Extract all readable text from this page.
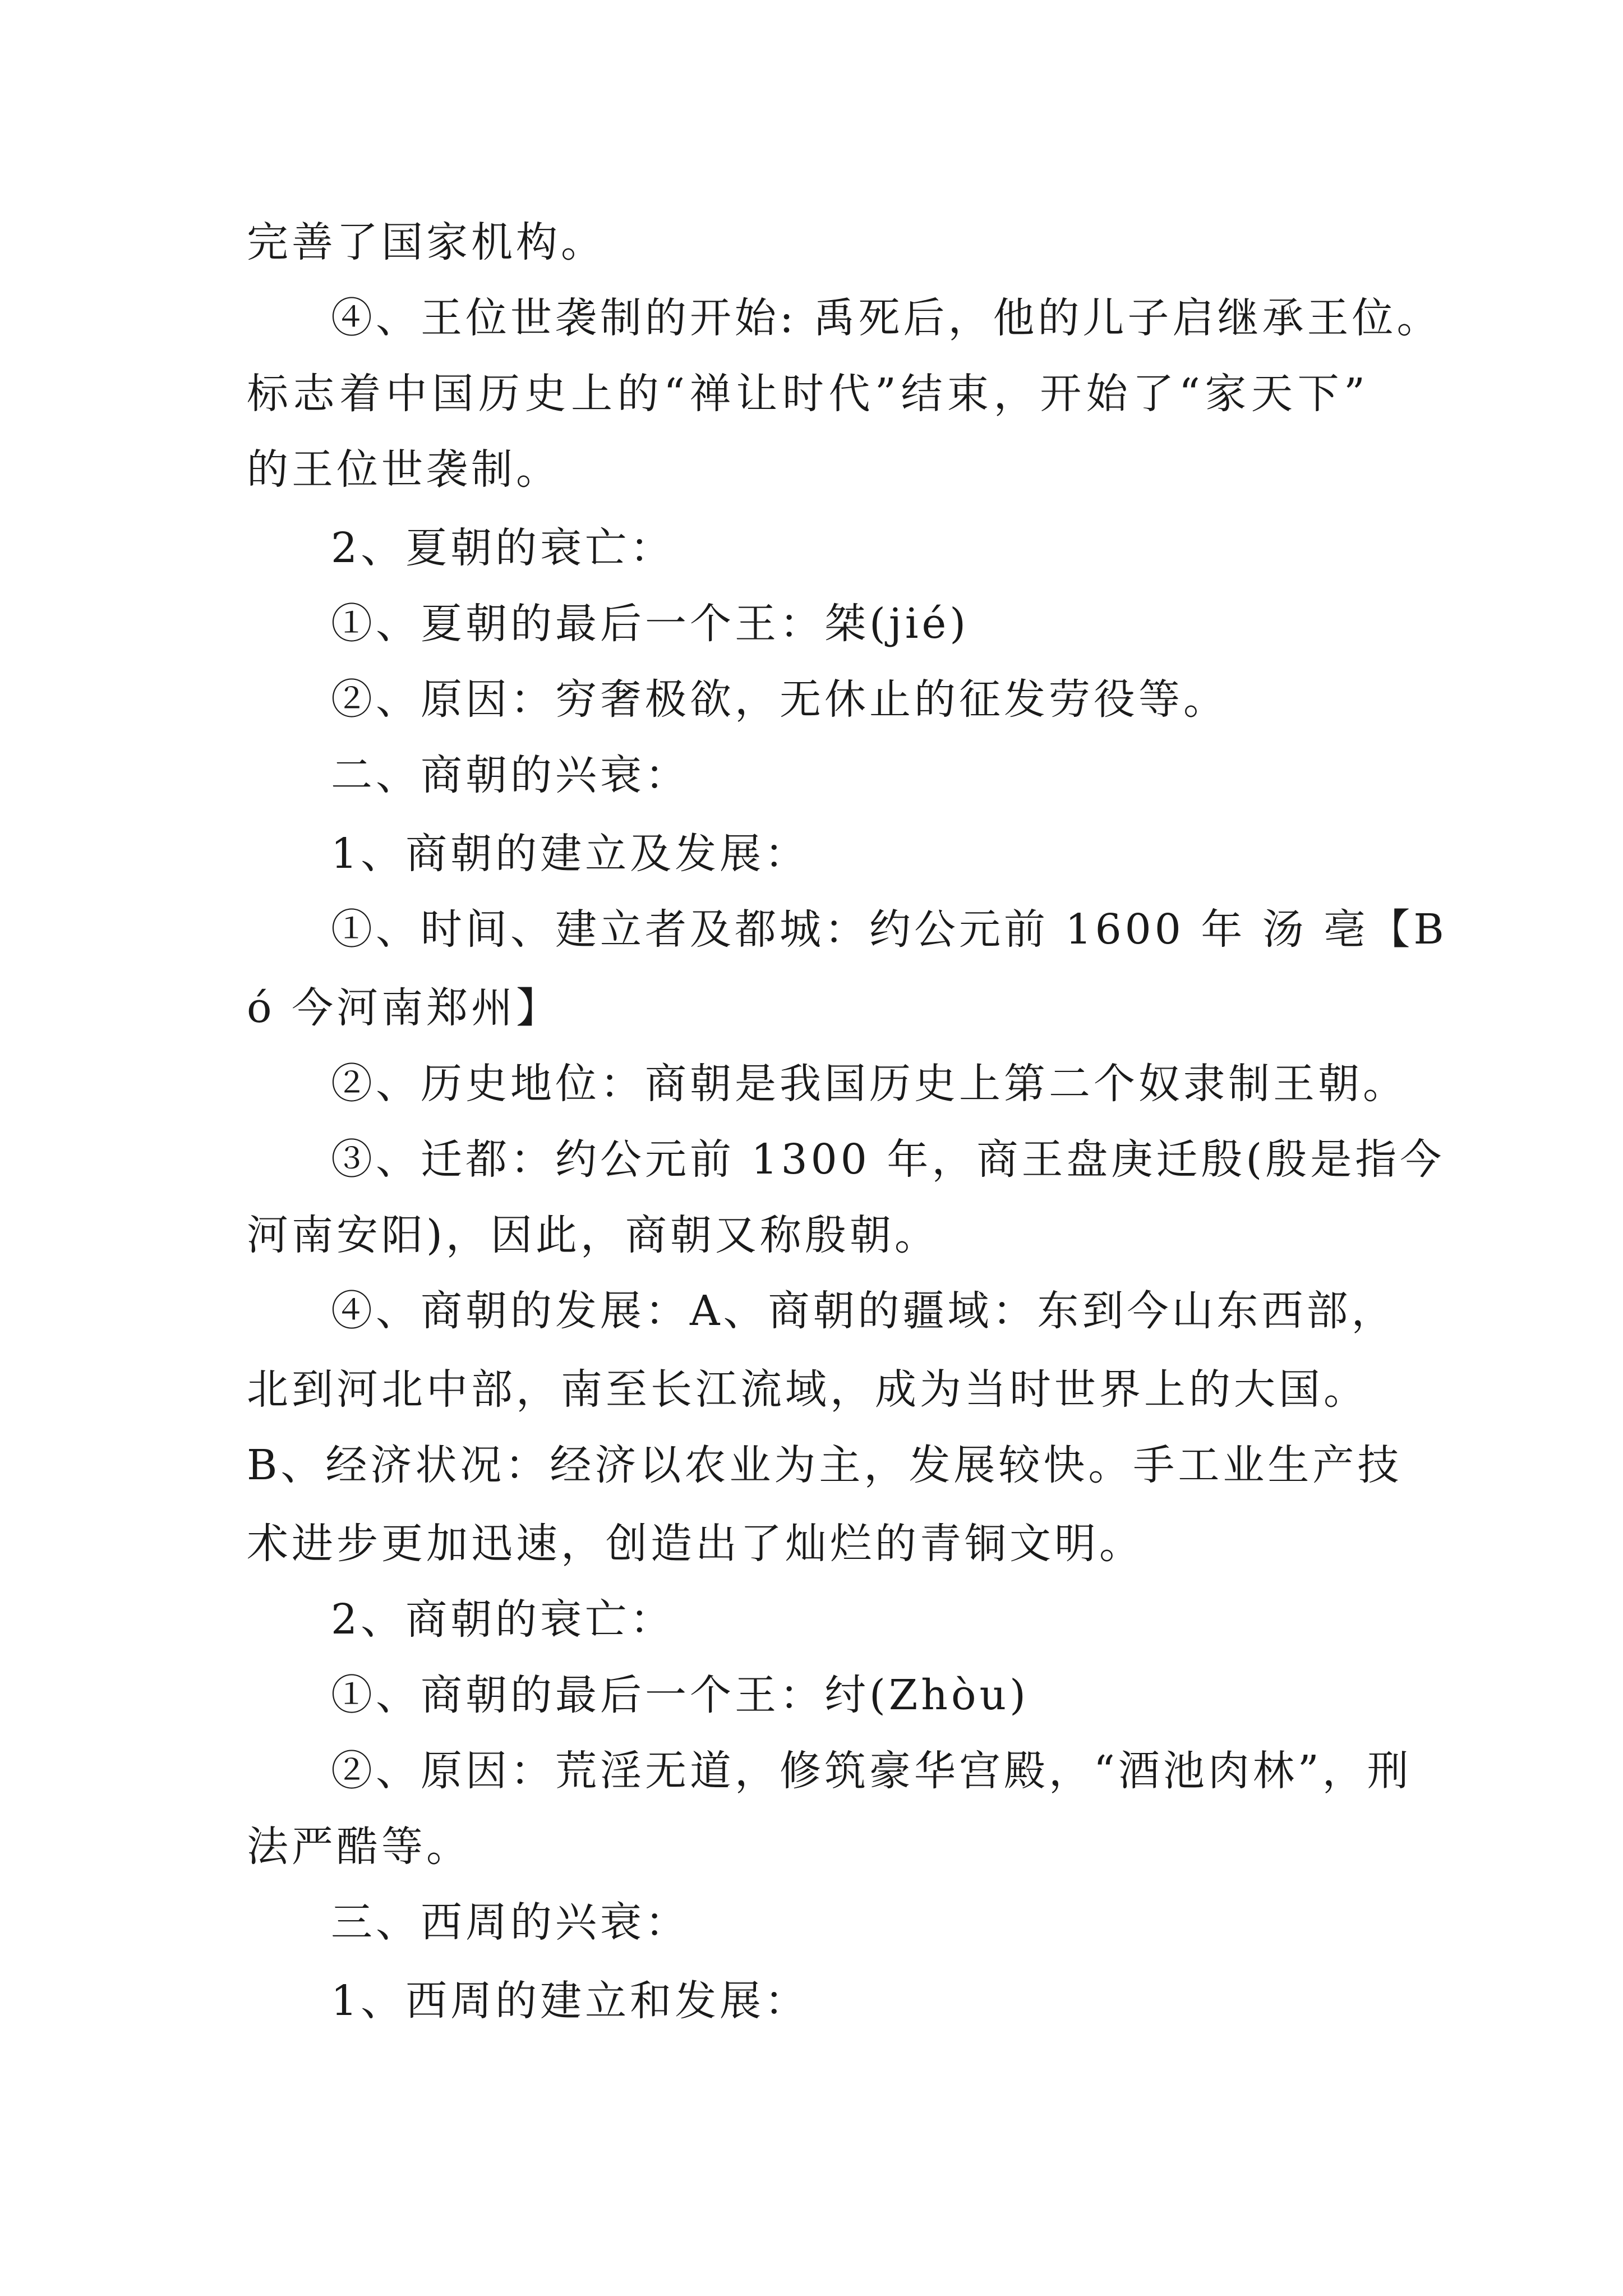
完善了国家机构。

④、王位世袭制的开始: 禹死后，他的儿子启继承王位。

标志着中国历史上的“禅让时代”结束，开始了“家天下”

的王位世袭制。

2、夏朝的衰亡：

①、夏朝的最后一个王：桀(jié)

②、原因：穷奢极欲，无休止的征发劳役等。

二、商朝的兴衰：

1、商朝的建立及发展：

①、时间、建立者及都城：约公元前 1600 年 汤 亳【B

ó 今河南郑州】

②、历史地位：商朝是我国历史上第二个奴隶制王朝。

③、迁都：约公元前 1300 年，商王盘庚迁殷(殷是指今

河南安阳)，因此，商朝又称殷朝。

④、商朝的发展：A、商朝的疆域：东到今山东西部，

北到河北中部，南至长江流域，成为当时世界上的大国。

B、经济状况：经济以农业为主，发展较快。手工业生产技

术进步更加迅速，创造出了灿烂的青铜文明。

2、商朝的衰亡：

①、商朝的最后一个王：纣(Zhòu)

②、原因：荒淫无道，修筑豪华宫殿，“酒池肉林”，刑

法严酷等。

三、西周的兴衰：

1、西周的建立和发展：
